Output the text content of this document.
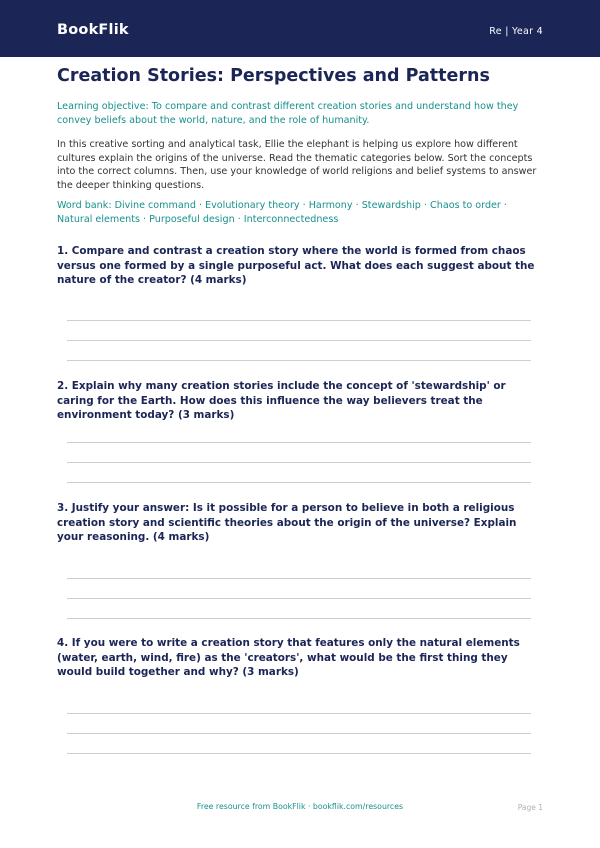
BookFlik	Re | Year 4
Creation Stories: Perspectives and Patterns

Learning objective: To compare and contrast different creation stories and understand how they convey beliefs about the world, nature, and the role of humanity.

In this creative sorting and analytical task, Ellie the elephant is helping us explore how different cultures explain the origins of the universe. Read the thematic categories below. Sort the concepts into the correct columns. Then, use your knowledge of world religions and belief systems to answer the deeper thinking questions.

Word bank: Divine command · Evolutionary theory · Harmony · Stewardship · Chaos to order · Natural elements · Purposeful design · Interconnectedness

1. Compare and contrast a creation story where the world is formed from chaos versus one formed by a single purposeful act. What does each suggest about the nature of the creator? (4 marks)

2. Explain why many creation stories include the concept of 'stewardship' or caring for the Earth. How does this influence the way believers treat the environment today? (3 marks)

3. Justify your answer: Is it possible for a person to believe in both a religious creation story and scientific theories about the origin of the universe? Explain your reasoning. (4 marks)

4. If you were to write a creation story that features only the natural elements (water, earth, wind, fire) as the 'creators', what would be the first thing they would build together and why? (3 marks)

Free resource from BookFlik · bookflik.com/resources	Page 1
